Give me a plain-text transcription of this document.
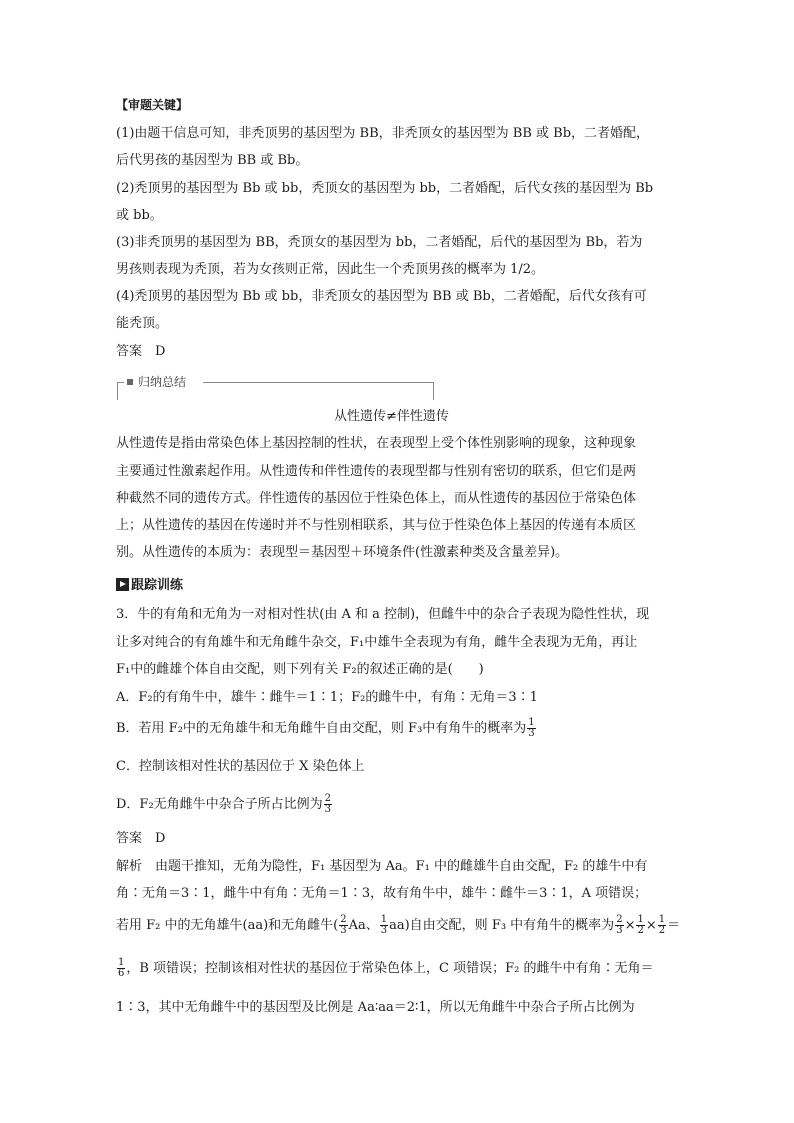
【审题关键】
(1)由题干信息可知，非秃顶男的基因型为 BB，非秃顶女的基因型为 BB 或 Bb，二者婚配，
后代男孩的基因型为 BB 或 Bb。
(2)秃顶男的基因型为 Bb 或 bb，秃顶女的基因型为 bb，二者婚配，后代女孩的基因型为 Bb
或 bb。
(3)非秃顶男的基因型为 BB，秃顶女的基因型为 bb，二者婚配，后代的基因型为 Bb，若为
男孩则表现为秃顶，若为女孩则正常，因此生一个秃顶男孩的概率为 1/2。
(4)秃顶男的基因型为 Bb 或 bb，非秃顶女的基因型为 BB 或 Bb，二者婚配，后代女孩有可
能秃顶。
答案　D
归纳总结
从性遗传≠伴性遗传
从性遗传是指由常染色体上基因控制的性状，在表现型上受个体性别影响的现象，这种现象
主要通过性激素起作用。从性遗传和伴性遗传的表现型都与性别有密切的联系，但它们是两
种截然不同的遗传方式。伴性遗传的基因位于性染色体上，而从性遗传的基因位于常染色体
上；从性遗传的基因在传递时并不与性别相联系，其与位于性染色体上基因的传递有本质区
别。从性遗传的本质为：表现型＝基因型＋环境条件(性激素种类及含量差异)。
跟踪训练
3．牛的有角和无角为一对相对性状(由 A 和 a 控制)，但雌牛中的杂合子表现为隐性性状，现
让多对纯合的有角雄牛和无角雌牛杂交，F₁中雄牛全表现为有角，雌牛全表现为无角，再让
F₁中的雌雄个体自由交配，则下列有关 F₂的叙述正确的是(　　)
A．F₂的有角牛中，雄牛∶雌牛＝1∶1；F₂的雌牛中，有角∶无角＝3∶1
B．若用 F₂中的无角雄牛和无角雌牛自由交配，则 F₃中有角牛的概率为 $\frac{1}{3}$
C．控制该相对性状的基因位于 X 染色体上
D．F₂无角雌牛中杂合子所占比例为 $\frac{2}{3}$
答案　D
解析　由题干推知，无角为隐性，F₁ 基因型为 Aa。F₁ 中的雌雄牛自由交配，F₂ 的雄牛中有
角∶无角＝3∶1，雌牛中有角∶无角＝1∶3，故有角牛中，雄牛∶雌牛＝3∶1，A 项错误；
若用 F₂ 中的无角雄牛(aa)和无角雌牛( $\frac{2}{3}$ Aa、 $\frac{1}{3} aa$)自由交配，则 F₃ 中有角牛的概率为 $\frac{2}{3} \times \frac{1}{2} \times \frac{1}{2}$ ＝
$\frac{1}{6}$ ，B 项错误；控制该相对性状的基因位于常染色体上，C 项错误；F₂ 的雌牛中有角∶无角＝
1∶3，其中无角雌牛中的基因型及比例是 Aa∶aa＝2∶1，所以无角雌牛中杂合子所占比例为
